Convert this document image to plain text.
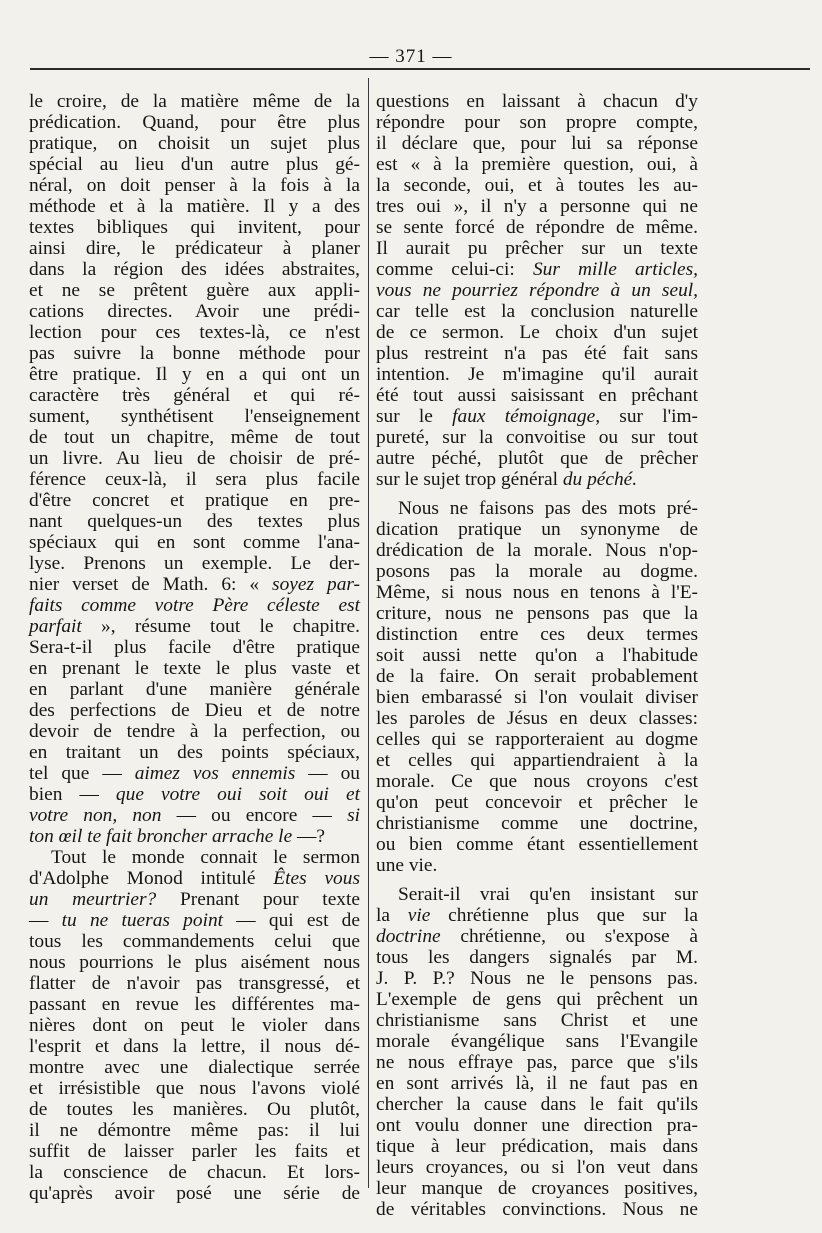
— 371 —
le croire, de la matière même de la
prédication. Quand, pour être plus
pratique, on choisit un sujet plus
spécial au lieu d'un autre plus gé-
néral, on doit penser à la fois à la
méthode et à la matière. Il y a des
textes bibliques qui invitent, pour
ainsi dire, le prédicateur à planer
dans la région des idées abstraites,
et ne se prêtent guère aux appli-
cations directes. Avoir une prédi-
lection pour ces textes-là, ce n'est
pas suivre la bonne méthode pour
être pratique. Il y en a qui ont un
caractère très général et qui ré-
sument, synthétisent l'enseignement
de tout un chapitre, même de tout
un livre. Au lieu de choisir de pré-
férence ceux-là, il sera plus facile
d'être concret et pratique en pre-
nant quelques-un des textes plus
spéciaux qui en sont comme l'ana-
lyse. Prenons un exemple. Le der-
nier verset de Math. 6: « soyez par-
faits comme votre Père céleste est
parfait », résume tout le chapitre.
Sera-t-il plus facile d'être pratique
en prenant le texte le plus vaste et
en parlant d'une manière générale
des perfections de Dieu et de notre
devoir de tendre à la perfection, ou
en traitant un des points spéciaux,
tel que — aimez vos ennemis — ou
bien — que votre oui soit oui et
votre non, non — ou encore — si
ton œil te fait broncher arrache le —?
Tout le monde connait le sermon
d'Adolphe Monod intitulé Êtes vous
un meurtrier? Prenant pour texte
— tu ne tueras point — qui est de
tous les commandements celui que
nous pourrions le plus aisément nous
flatter de n'avoir pas transgressé, et
passant en revue les différentes ma-
nières dont on peut le violer dans
l'esprit et dans la lettre, il nous dé-
montre avec une dialectique serrée
et irrésistible que nous l'avons violé
de toutes les manières. Ou plutôt,
il ne démontre même pas: il lui
suffit de laisser parler les faits et
la conscience de chacun. Et lors-
qu'après avoir posé une série de
questions en laissant à chacun d'y
répondre pour son propre compte,
il déclare que, pour lui sa réponse
est « à la première question, oui, à
la seconde, oui, et à toutes les au-
tres oui », il n'y a personne qui ne
se sente forcé de répondre de même.
Il aurait pu prêcher sur un texte
comme celui-ci: Sur mille articles,
vous ne pourriez répondre à un seul,
car telle est la conclusion naturelle
de ce sermon. Le choix d'un sujet
plus restreint n'a pas été fait sans
intention. Je m'imagine qu'il aurait
été tout aussi saisissant en prêchant
sur le faux témoignage, sur l'im-
pureté, sur la convoitise ou sur tout
autre péché, plutôt que de prêcher
sur le sujet trop général du péché.
Nous ne faisons pas des mots pré-
dication pratique un synonyme de
drédication de la morale. Nous n'op-
posons pas la morale au dogme.
Même, si nous nous en tenons à l'E-
criture, nous ne pensons pas que la
distinction entre ces deux termes
soit aussi nette qu'on a l'habitude
de la faire. On serait probablement
bien embarassé si l'on voulait diviser
les paroles de Jésus en deux classes:
celles qui se rapporteraient au dogme
et celles qui appartiendraient à la
morale. Ce que nous croyons c'est
qu'on peut concevoir et prêcher le
christianisme comme une doctrine,
ou bien comme étant essentiellement
une vie.
Serait-il vrai qu'en insistant sur
la vie chrétienne plus que sur la
doctrine chrétienne, ou s'expose à
tous les dangers signalés par M.
J. P. P.? Nous ne le pensons pas.
L'exemple de gens qui prêchent un
christianisme sans Christ et une
morale évangélique sans l'Evangile
ne nous effraye pas, parce que s'ils
en sont arrivés là, il ne faut pas en
chercher la cause dans le fait qu'ils
ont voulu donner une direction pra-
tique à leur prédication, mais dans
leurs croyances, ou si l'on veut dans
leur manque de croyances positives,
de véritables convinctions. Nous ne
